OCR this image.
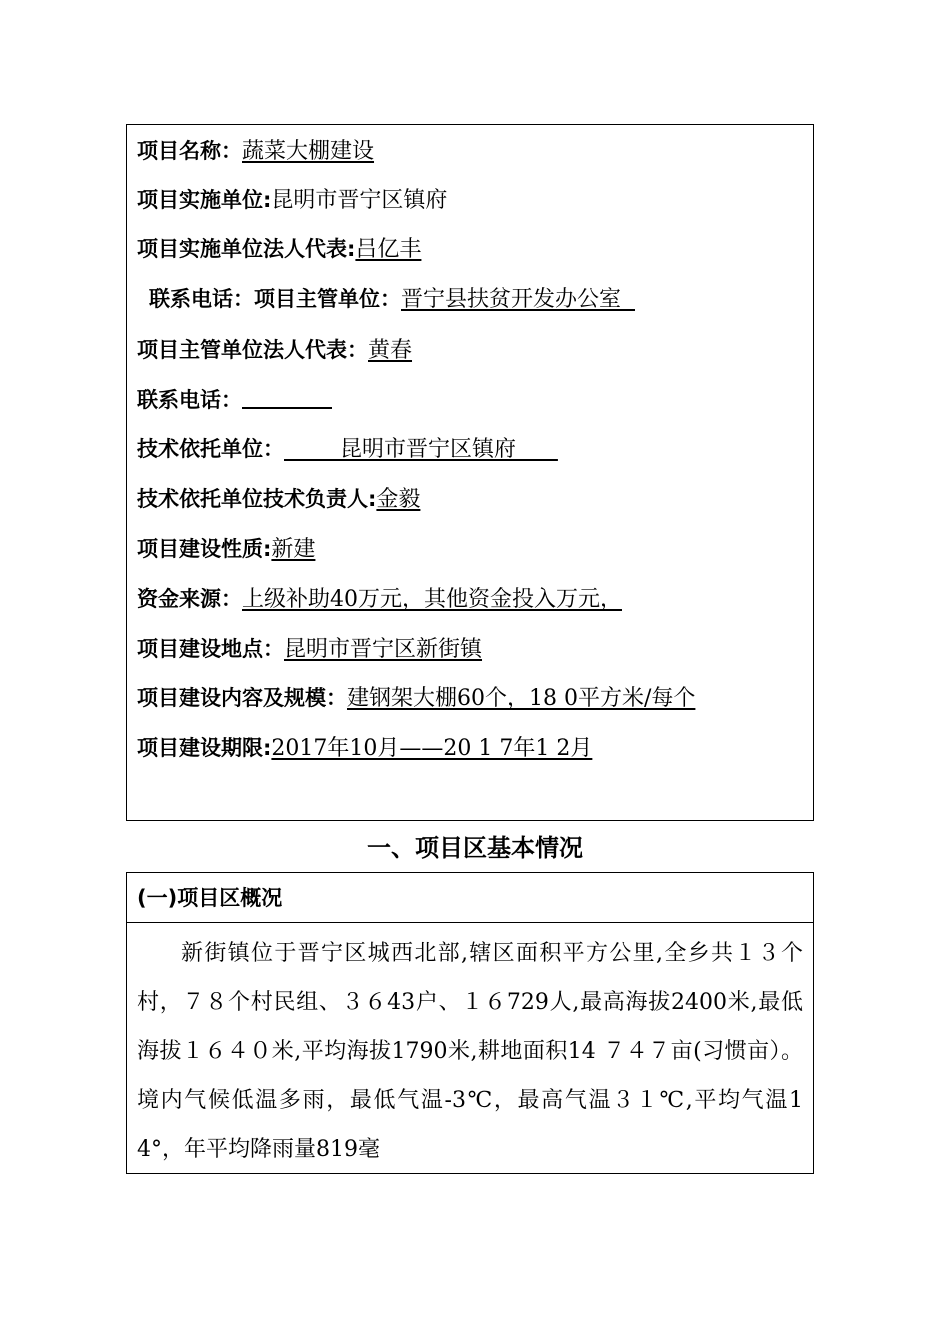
项目名称：蔬菜大棚建设
项目实施单位:昆明市晋宁区镇府
项目实施单位法人代表:吕亿丰
联系电话：项目主管单位：晋宁县扶贫开发办公室
项目主管单位法人代表：黄春
联系电话：
技术依托单位：        昆明市晋宁区镇府
技术依托单位技术负责人:金毅
项目建设性质:新建
资金来源：上级补助40万元，其他资金投入万元，
项目建设地点：昆明市晋宁区新街镇
项目建设内容及规模：建钢架大棚60个，18 0平方米/每个
项目建设期限:2017年10月——20 1 7年1 2月
一、项目区基本情况
(一)项目区概况
新街镇位于晋宁区城西北部,辖区面积平方公里,全乡共１３个村，７８个村民组、３６43户、１６729人,最高海拔2400米,最低海拔１６４０米,平均海拔1790米,耕地面积14 ７４７亩(习惯亩）。境内气候低温多雨，最低气温-3℃，最高气温３１℃,平均气温14°，年平均降雨量819毫
